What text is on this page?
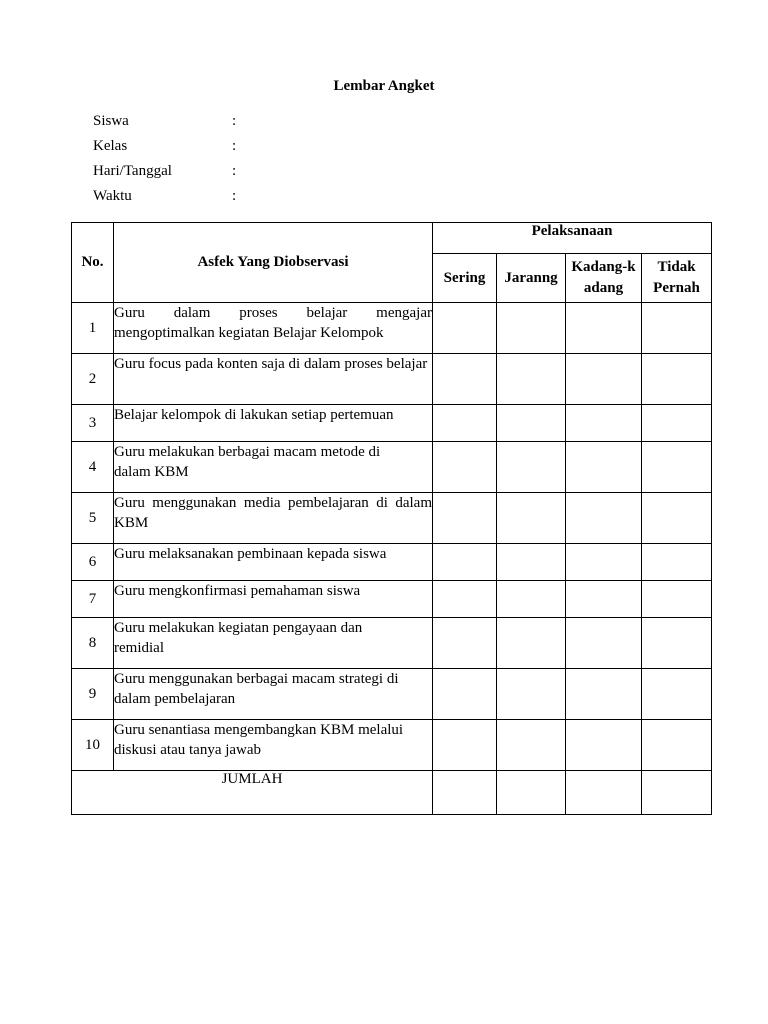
Lembar Angket
Siswa	:
Kelas	:
Hari/Tanggal	:
Waktu	:
No.	Asfek Yang Diobservasi	Pelaksanaan			
		Sering	Jaranng	Kadang-kadang	Tidak Pernah
1	Guru dalam proses belajar mengajar mengoptimalkan kegiatan Belajar Kelompok				
2	Guru focus pada konten saja di dalam proses belajar				
3	Belajar kelompok di lakukan setiap pertemuan				
4	Guru melakukan berbagai macam metode di dalam KBM				
5	Guru menggunakan media pembelajaran di dalam KBM				
6	Guru melaksanakan pembinaan kepada siswa				
7	Guru mengkonfirmasi pemahaman siswa				
8	Guru melakukan kegiatan pengayaan dan remidial				
9	Guru menggunakan berbagai macam strategi di dalam pembelajaran				
10	Guru senantiasa mengembangkan KBM melalui diskusi atau tanya jawab				
JUMLAH					
